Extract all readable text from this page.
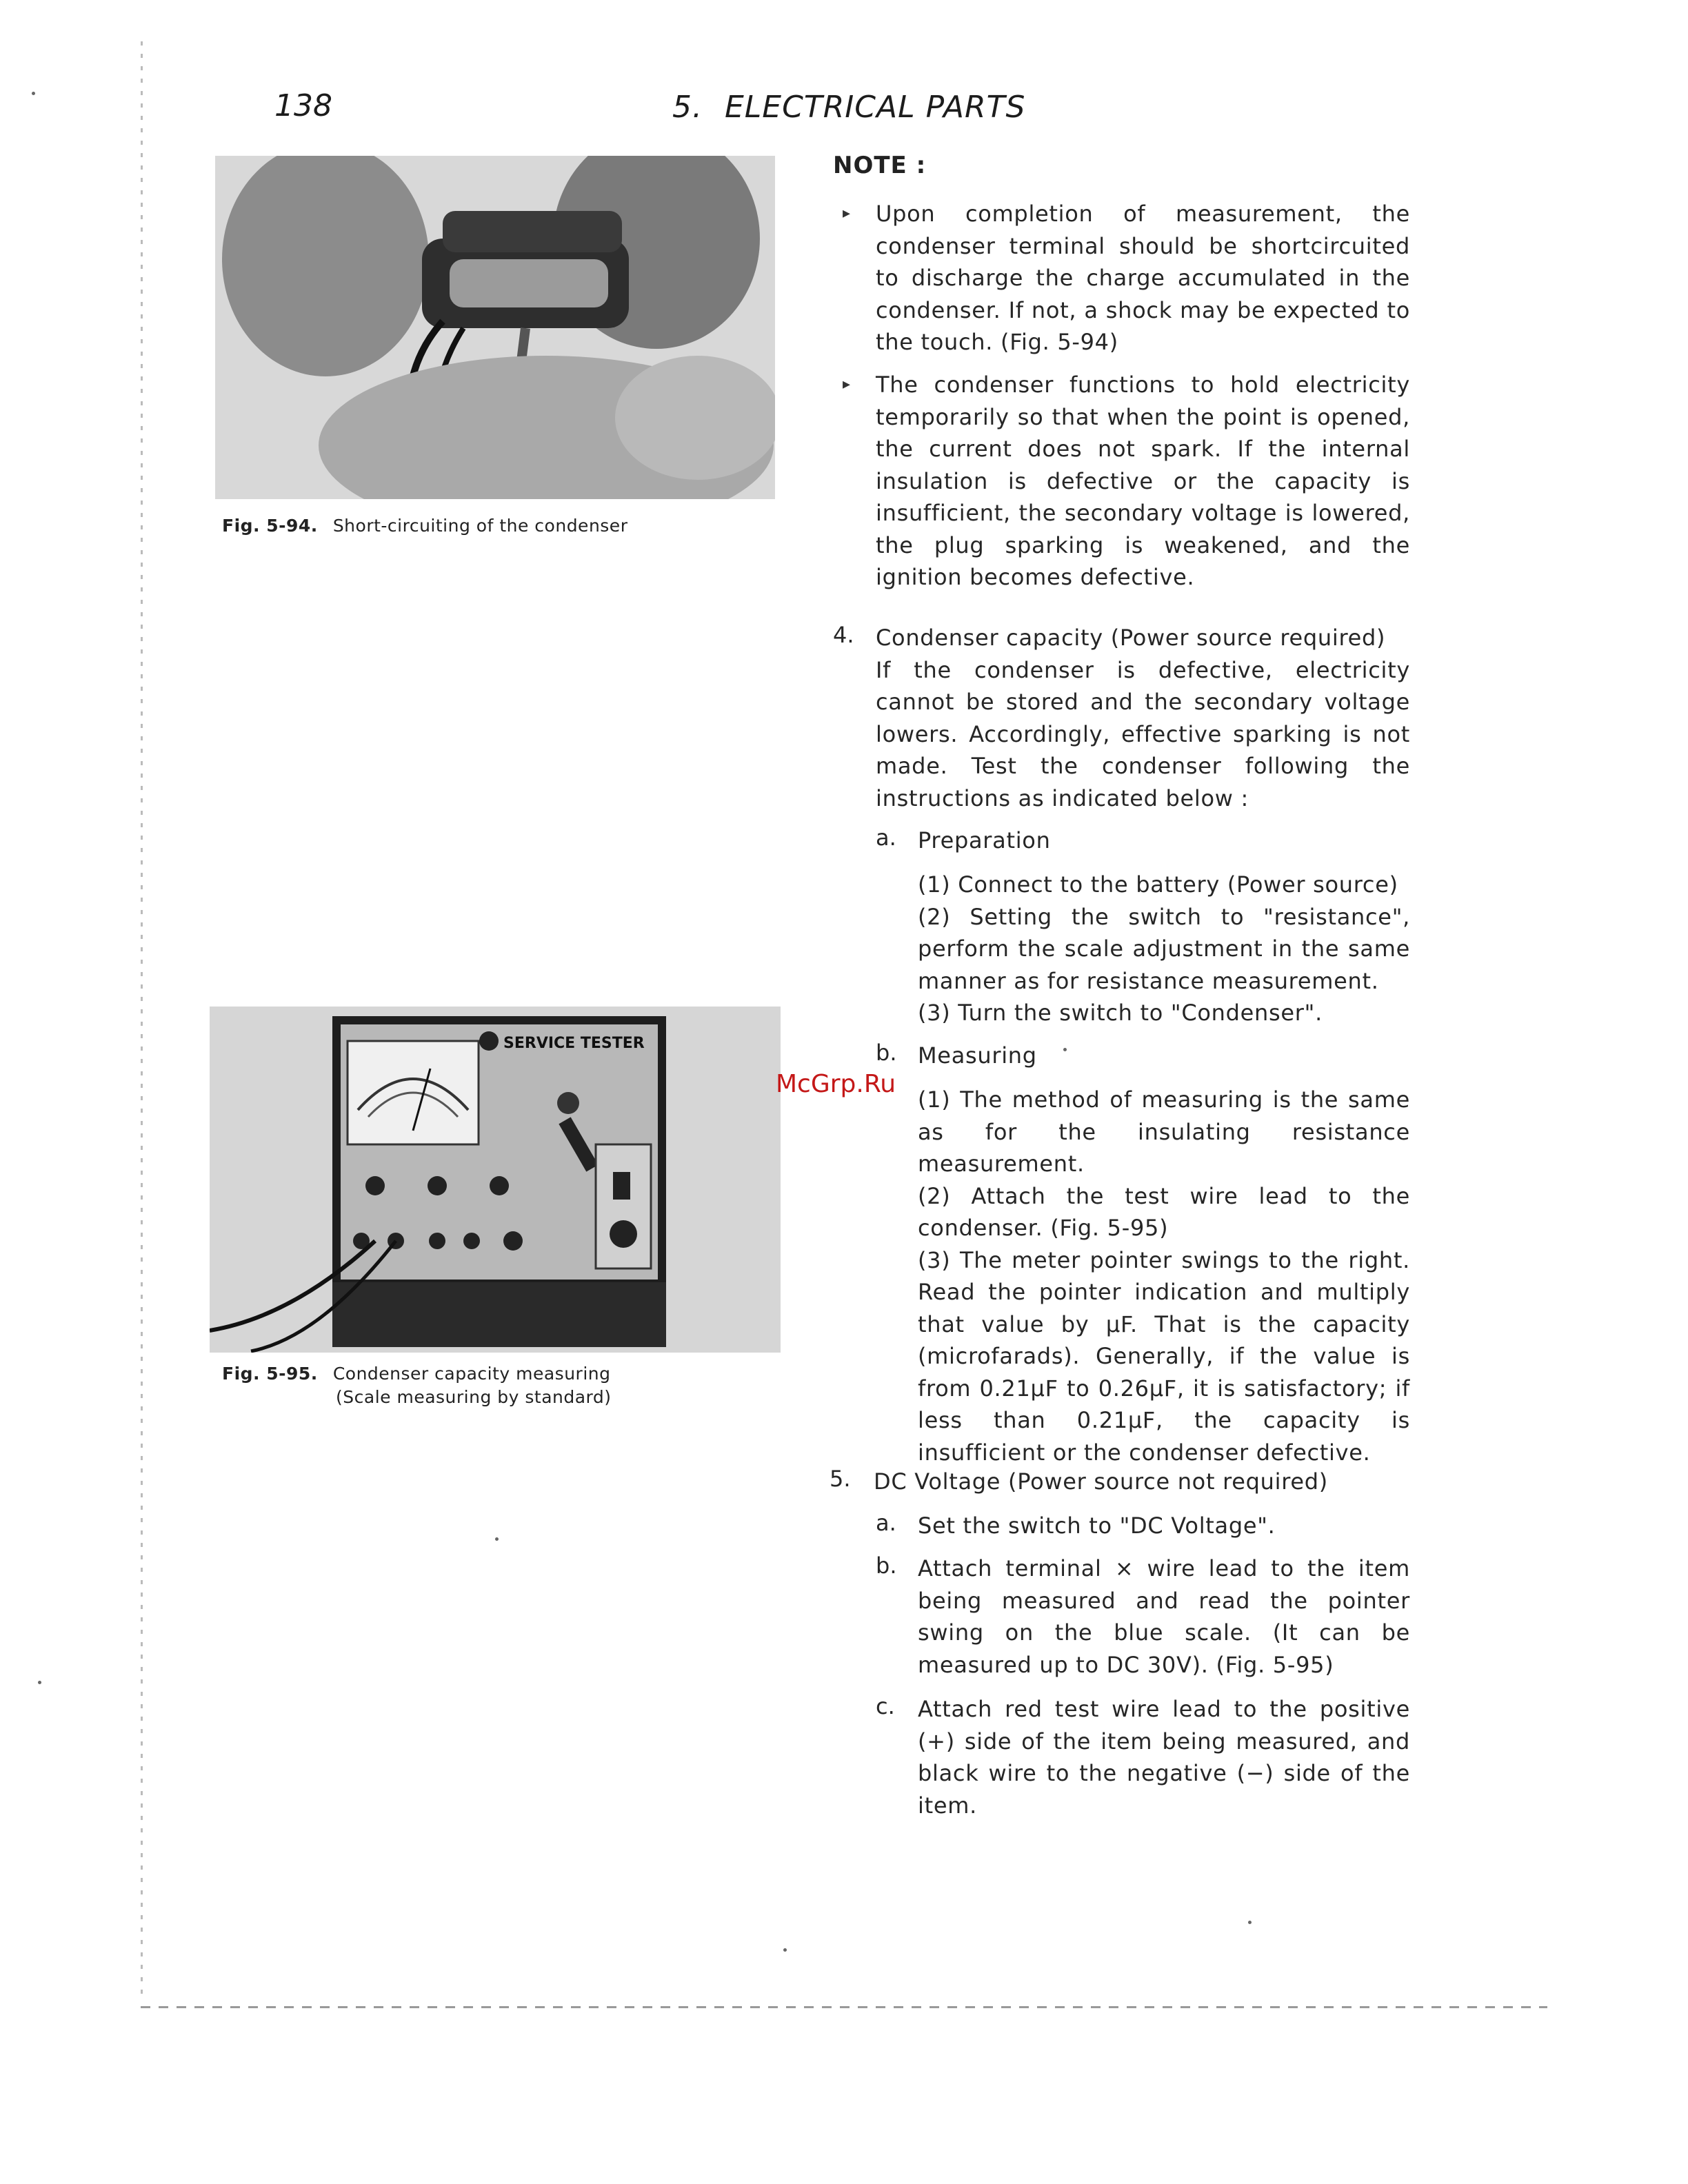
138	5. ELECTRICAL PARTS
Fig. 5-94. Short-circuiting of the condenser
SERVICE TESTER
Fig. 5-95. Condenser capacity measuring
(Scale measuring by standard)
McGrp.Ru
NOTE :
▸ Upon completion of measurement, the condenser terminal should be shortcircuited to discharge the charge accumulated in the condenser. If not, a shock may be expected to the touch. (Fig. 5-94)
▸ The condenser functions to hold electricity temporarily so that when the point is opened, the current does not spark. If the internal insulation is defective or the capacity is insufficient, the secondary voltage is lowered, the plug sparking is weakened, and the ignition becomes defective.
4. Condenser capacity (Power source required)

If the condenser is defective, electricity cannot be stored and the secondary voltage lowers. Accordingly, effective sparking is not made. Test the condenser following the instructions as indicated below :

a. Preparation

(1) Connect to the battery (Power source)

(2) Setting the switch to "resistance", perform the scale adjustment in the same manner as for resistance measurement.

(3) Turn the switch to "Condenser".

b. Measuring

(1) The method of measuring is the same as for the insulating resistance measurement.

(2) Attach the test wire lead to the condenser. (Fig. 5-95)

(3) The meter pointer swings to the right. Read the pointer indication and multiply that value by µF. That is the capacity (microfarads). Generally, if the value is from 0.21µF to 0.26µF, it is satisfactory; if less than 0.21µF, the capacity is insufficient or the condenser defective.

5. DC Voltage (Power source not required)
a. Set the switch to "DC Voltage".
b. Attach terminal × wire lead to the item being measured and read the pointer swing on the blue scale. (It can be measured up to DC 30V). (Fig. 5-95)
c. Attach red test wire lead to the positive (+) side of the item being measured, and black wire to the negative (−) side of the item.
